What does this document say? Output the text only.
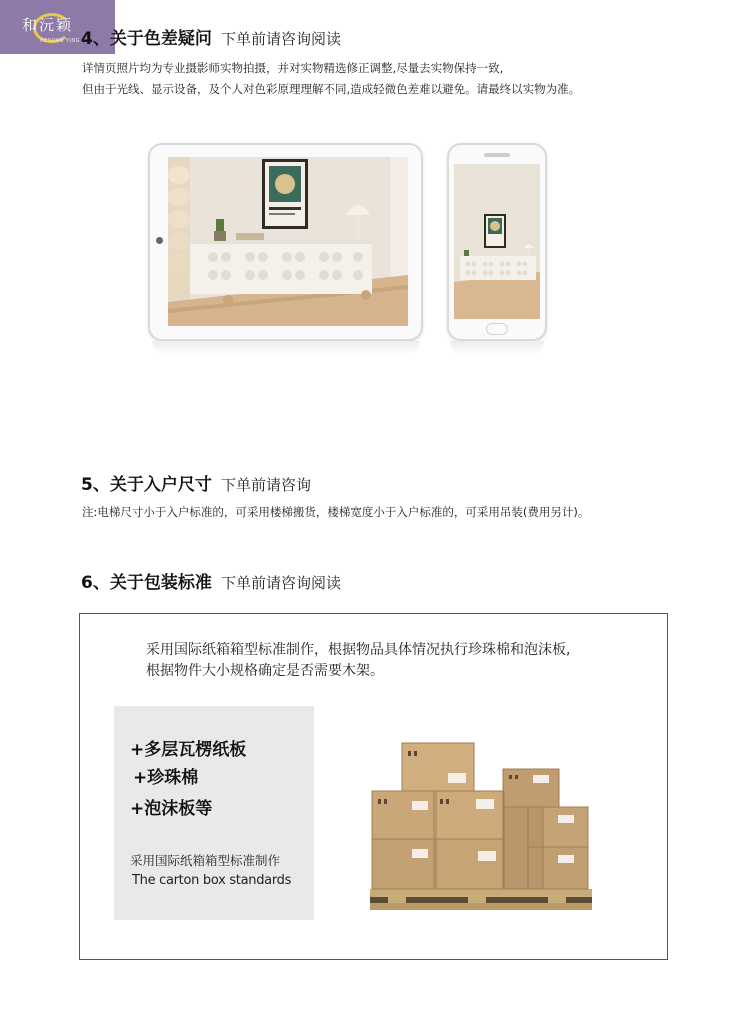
和沅颖
HEYUAN YING 4、关于色差疑问 下单前请咨询阅读
详情页照片均为专业摄影师实物拍摄，并对实物精选修正调整,尽量去实物保持一致,
但由于光线、显示设备，及个人对色彩原理理解不同,造成轻微色差难以避免。请最终以实物为准。
5、关于入户尺寸 下单前请咨询
注:电梯尺寸小于入户标准的，可采用楼梯搬货，楼梯宽度小于入户标准的，可采用吊装(费用另计)。
6、关于包装标准 下单前请咨询阅读
采用国际纸箱箱型标准制作，根据物品具体情况执行珍珠棉和泡沫板,
根据物件大小规格确定是否需要木架。
+多层瓦楞纸板
+珍珠棉
+泡沫板等
采用国际纸箱箱型标准制作
The carton box standards
